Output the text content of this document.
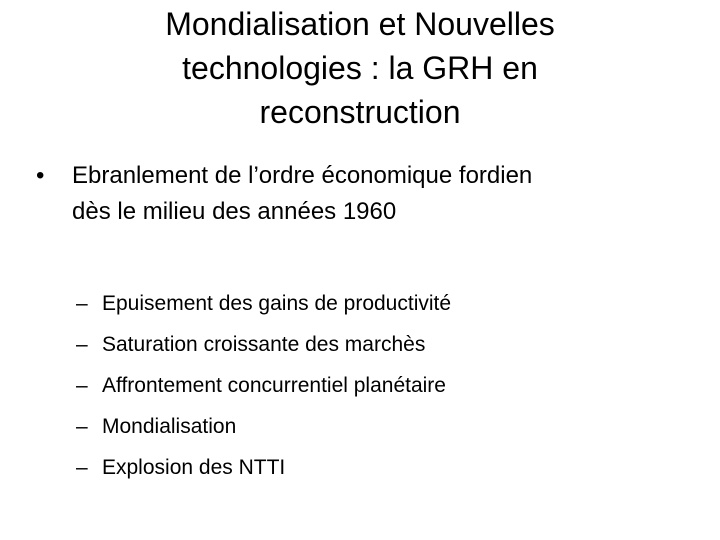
Mondialisation et Nouvelles
technologies : la GRH en
reconstruction
•	Ebranlement de l’ordre économique fordien
dès le milieu des années 1960
– Epuisement des gains de productivité
– Saturation croissante des marchès
– Affrontement concurrentiel planétaire
– Mondialisation
– Explosion des NTTI
